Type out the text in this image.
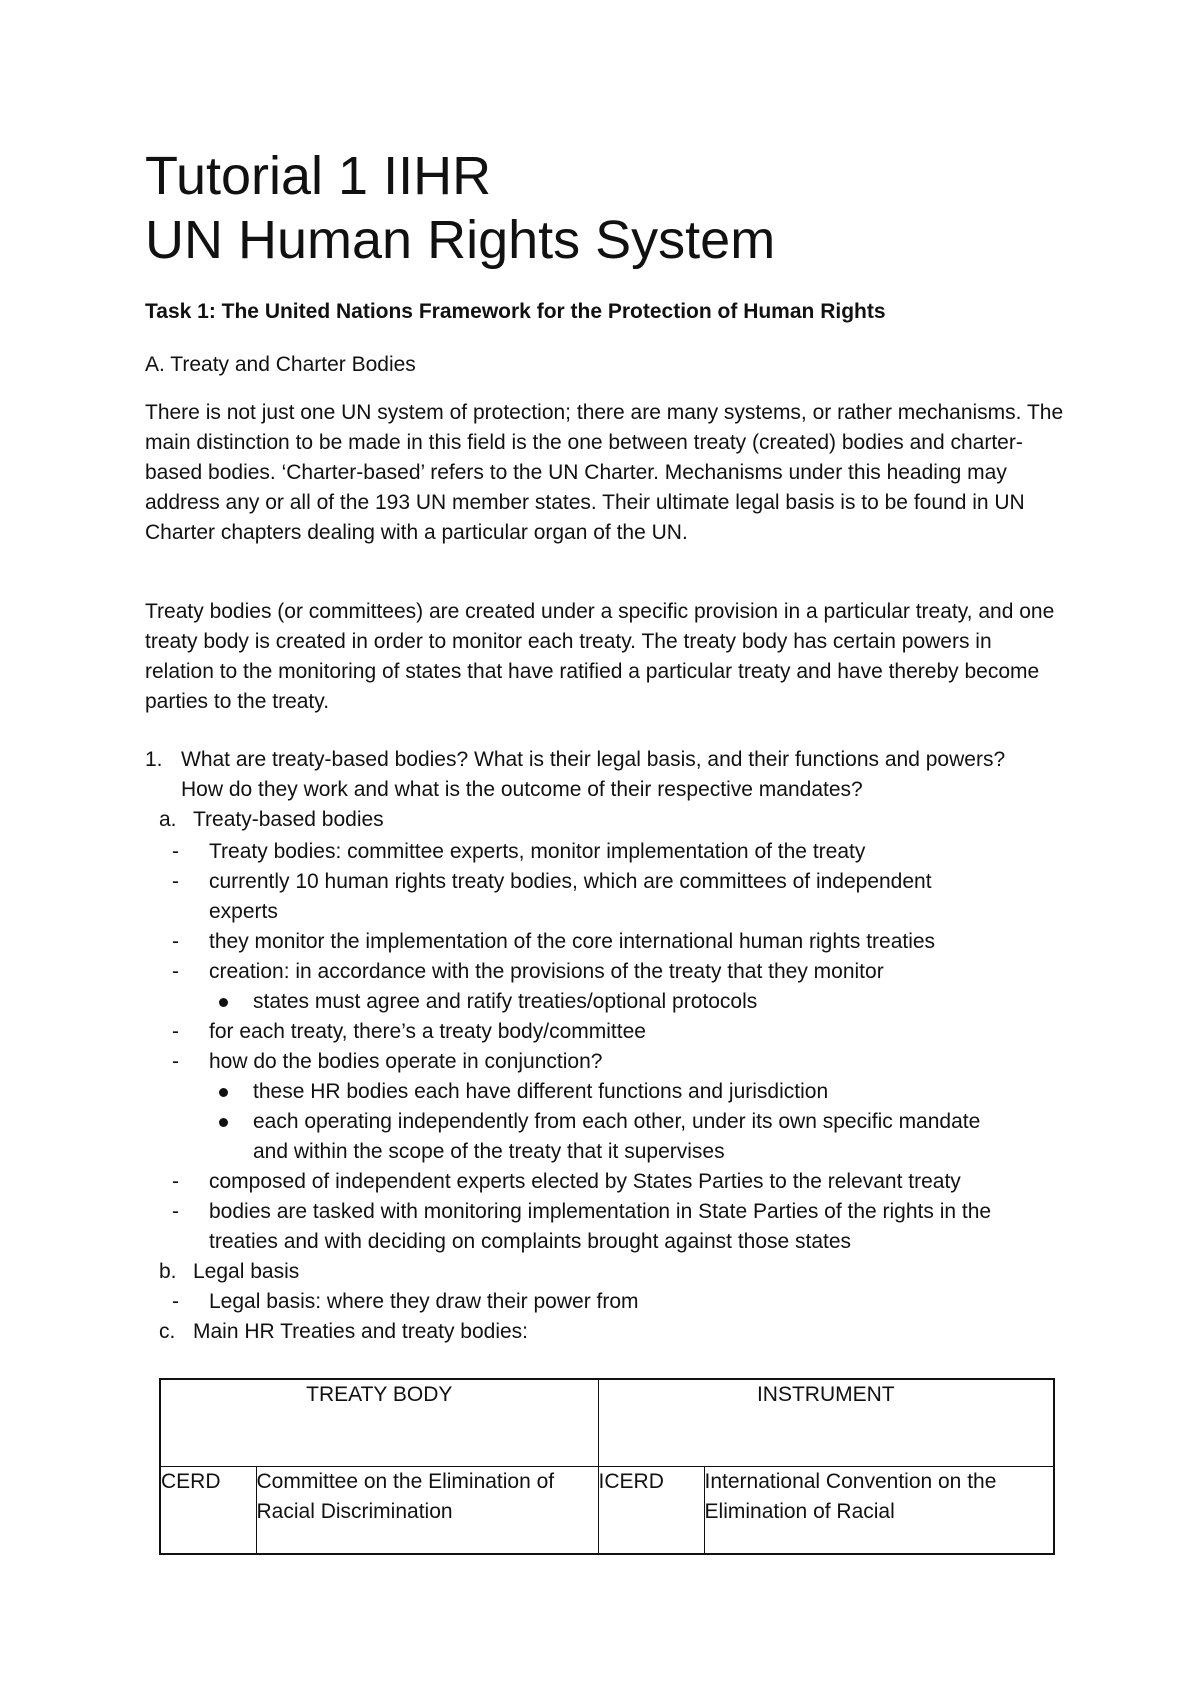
Tutorial 1 IIHR
UN Human Rights System
Task 1: The United Nations Framework for the Protection of Human Rights
A. Treaty and Charter Bodies

There is not just one UN system of protection; there are many systems, or rather mechanisms. The main distinction to be made in this field is the one between treaty (created) bodies and charter-based bodies. ‘Charter-based’ refers to the UN Charter. Mechanisms under this heading may address any or all of the 193 UN member states. Their ultimate legal basis is to be found in UN Charter chapters dealing with a particular organ of the UN.

Treaty bodies (or committees) are created under a specific provision in a particular treaty, and one treaty body is created in order to monitor each treaty. The treaty body has certain powers in relation to the monitoring of states that have ratified a particular treaty and have thereby become parties to the treaty.

1. What are treaty-based bodies? What is their legal basis, and their functions and powers?
How do they work and what is the outcome of their respective mandates?
a. Treaty-based bodies
- Treaty bodies: committee experts, monitor implementation of the treaty
- currently 10 human rights treaty bodies, which are committees of independent
experts
- they monitor the implementation of the core international human rights treaties
- creation: in accordance with the provisions of the treaty that they monitor
states must agree and ratify treaties/optional protocols
- for each treaty, there’s a treaty body/committee
- how do the bodies operate in conjunction?
these HR bodies each have different functions and jurisdiction
each operating independently from each other, under its own specific mandate
and within the scope of the treaty that it supervises
- composed of independent experts elected by States Parties to the relevant treaty
- bodies are tasked with monitoring implementation in State Parties of the rights in the
treaties and with deciding on complaints brought against those states
b. Legal basis
- Legal basis: where they draw their power from
c. Main HR Treaties and treaty bodies:
TREATY BODY		INSTRUMENT	
CERD	Committee on the Elimination of Racial Discrimination	ICERD	International Convention on the Elimination of Racial
